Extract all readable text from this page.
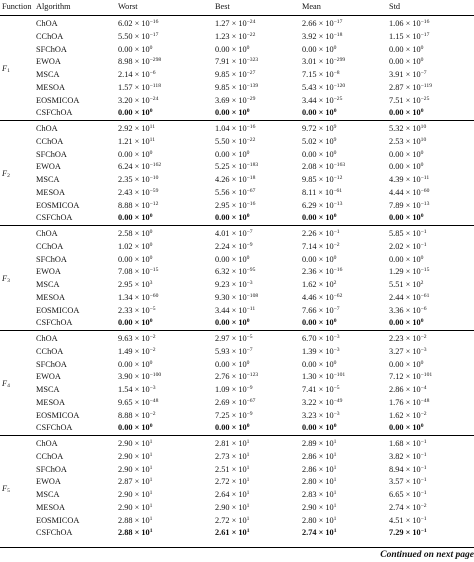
Function	Algorithm	Worst	Best	Mean	Std
$F_1$	ChOA	$6.02 \times 10^{-16}$	$1.27 \times 10^{-24}$	$2.66 \times 10^{-17}$	$1.06 \times 10^{-16}$
	CChOA	$5.50 \times 10^{-17}$	$1.23 \times 10^{-22}$	$3.92 \times 10^{-18}$	$1.15 \times 10^{-17}$
	SFChOA	$0.00 \times 10^0$	$0.00 \times 10^0$	$0.00 \times 10^0$	$0.00 \times 10^0$
	EWOA	$8.98 \times 10^{-298}$	$7.91 \times 10^{-323}$	$3.01 \times 10^{-299}$	$0.00 \times 10^0$
	MSCA	$2.14 \times 10^{-6}$	$9.85 \times 10^{-27}$	$7.15 \times 10^{-8}$	$3.91 \times 10^{-7}$
	MESOA	$1.57 \times 10^{-118}$	$9.85 \times 10^{-139}$	$5.43 \times 10^{-120}$	$2.87 \times 10^{-119}$
	EOSMICOA	$3.20 \times 10^{-24}$	$3.69 \times 10^{-29}$	$3.44 \times 10^{-25}$	$7.51 \times 10^{-25}$
	CSFChOA	$0.00 \times 10^0$	$0.00 \times 10^0$	$0.00 \times 10^0$	$0.00 \times 10^0$
$F_2$	ChOA	$2.92 \times 10^{11}$	$1.04 \times 10^{-16}$	$9.72 \times 10^9$	$5.32 \times 10^{10}$
	CChOA	$1.21 \times 10^{11}$	$5.50 \times 10^{-22}$	$5.02 \times 10^9$	$2.53 \times 10^{10}$
	SFChOA	$0.00 \times 10^0$	$0.00 \times 10^0$	$0.00 \times 10^0$	$0.00 \times 10^0$
	EWOA	$6.24 \times 10^{-162}$	$5.25 \times 10^{-183}$	$2.08 \times 10^{-163}$	$0.00 \times 10^0$
	MSCA	$2.35 \times 10^{-10}$	$4.26 \times 10^{-18}$	$9.85 \times 10^{-12}$	$4.39 \times 10^{-11}$
	MESOA	$2.43 \times 10^{-59}$	$5.56 \times 10^{-67}$	$8.11 \times 10^{-61}$	$4.44 \times 10^{-60}$
	EOSMICOA	$8.88 \times 10^{-12}$	$2.95 \times 10^{-16}$	$6.29 \times 10^{-13}$	$7.89 \times 10^{-13}$
	CSFChOA	$0.00 \times 10^0$	$0.00 \times 10^0$	$0.00 \times 10^0$	$0.00 \times 10^0$
$F_3$	ChOA	$2.58 \times 10^0$	$4.01 \times 10^{-7}$	$2.26 \times 10^{-1}$	$5.85 \times 10^{-1}$
	CChOA	$1.02 \times 10^0$	$2.24 \times 10^{-9}$	$7.14 \times 10^{-2}$	$2.02 \times 10^{-1}$
	SFChOA	$0.00 \times 10^0$	$0.00 \times 10^0$	$0.00 \times 10^0$	$0.00 \times 10^0$
	EWOA	$7.08 \times 10^{-15}$	$6.32 \times 10^{-95}$	$2.36 \times 10^{-16}$	$1.29 \times 10^{-15}$
	MSCA	$2.95 \times 10^3$	$9.23 \times 10^{-3}$	$1.62 \times 10^2$	$5.51 \times 10^2$
	MESOA	$1.34 \times 10^{-60}$	$9.30 \times 10^{-108}$	$4.46 \times 10^{-62}$	$2.44 \times 10^{-61}$
	EOSMICOA	$2.33 \times 10^{-5}$	$3.44 \times 10^{-11}$	$7.66 \times 10^{-7}$	$3.36 \times 10^{-6}$
	CSFChOA	$0.00 \times 10^0$	$0.00 \times 10^0$	$0.00 \times 10^0$	$0.00 \times 10^0$
$F_4$	ChOA	$9.63 \times 10^{-2}$	$2.97 \times 10^{-5}$	$6.70 \times 10^{-3}$	$2.23 \times 10^{-2}$
	CChOA	$1.49 \times 10^{-2}$	$5.93 \times 10^{-7}$	$1.39 \times 10^{-3}$	$3.27 \times 10^{-3}$
	SFChOA	$0.00 \times 10^0$	$0.00 \times 10^0$	$0.00 \times 10^0$	$0.00 \times 10^0$
	EWOA	$3.90 \times 10^{-100}$	$2.76 \times 10^{-123}$	$1.30 \times 10^{-101}$	$7.12 \times 10^{-101}$
	MSCA	$1.54 \times 10^{-3}$	$1.09 \times 10^{-9}$	$7.41 \times 10^{-5}$	$2.86 \times 10^{-4}$
	MESOA	$9.65 \times 10^{-48}$	$2.69 \times 10^{-67}$	$3.22 \times 10^{-49}$	$1.76 \times 10^{-48}$
	EOSMICOA	$8.88 \times 10^{-2}$	$7.25 \times 10^{-9}$	$3.23 \times 10^{-3}$	$1.62 \times 10^{-2}$
	CSFChOA	$0.00 \times 10^0$	$0.00 \times 10^0$	$0.00 \times 10^0$	$0.00 \times 10^0$
$F_5$	ChOA	$2.90 \times 10^1$	$2.81 \times 10^1$	$2.89 \times 10^1$	$1.68 \times 10^{-1}$
	CChOA	$2.90 \times 10^1$	$2.73 \times 10^1$	$2.86 \times 10^1$	$3.82 \times 10^{-1}$
	SFChOA	$2.90 \times 10^1$	$2.51 \times 10^1$	$2.86 \times 10^1$	$8.94 \times 10^{-1}$
	EWOA	$2.87 \times 10^1$	$2.72 \times 10^1$	$2.80 \times 10^1$	$3.57 \times 10^{-1}$
	MSCA	$2.90 \times 10^1$	$2.64 \times 10^1$	$2.83 \times 10^1$	$6.65 \times 10^{-1}$
	MESOA	$2.90 \times 10^1$	$2.90 \times 10^1$	$2.90 \times 10^1$	$2.74 \times 10^{-2}$
	EOSMICOA	$2.88 \times 10^1$	$2.72 \times 10^1$	$2.80 \times 10^1$	$4.51 \times 10^{-1}$
	CSFChOA	$2.88 \times 10^1$	$2.61 \times 10^1$	$2.74 \times 10^1$	$7.29 \times 10^{-1}$
Continued on next page
